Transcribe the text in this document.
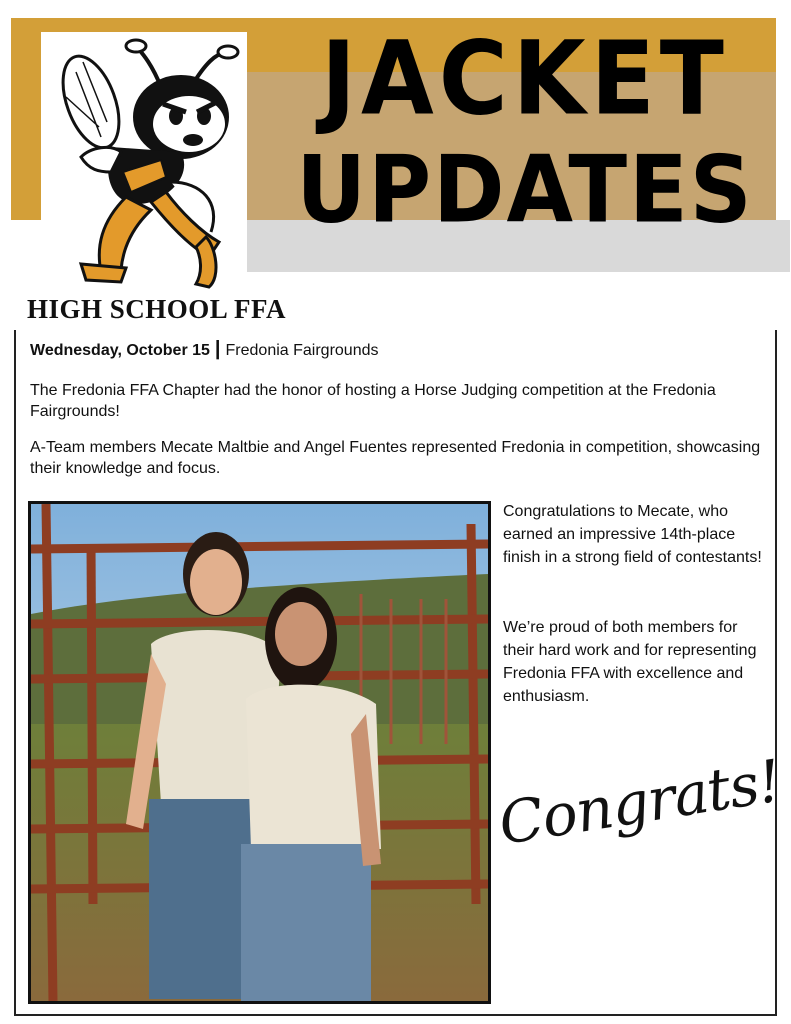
JACKET
UPDATES
HIGH SCHOOL FFA
Wednesday, October 15 | Fredonia Fairgrounds

The Fredonia FFA Chapter had the honor of hosting a Horse Judging competition at the Fredonia Fairgrounds!

A-Team members Mecate Maltbie and Angel Fuentes represented Fredonia in competition, showcasing their knowledge and focus.

Congratulations to Mecate, who earned an impressive 14th-place finish in a strong field of contestants!

We’re proud of both members for their hard work and for representing Fredonia FFA with excellence and enthusiasm.

Congrats!
